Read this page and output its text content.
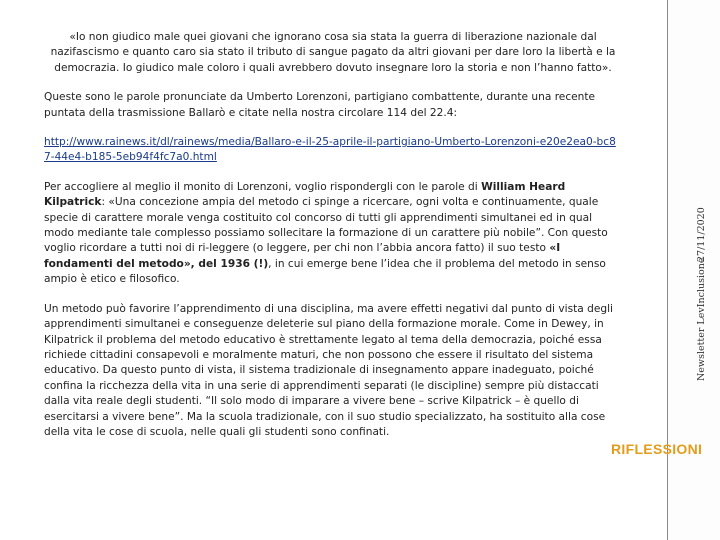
«Io non giudico male quei giovani che ignorano cosa sia stata la guerra di liberazione nazionale dal nazifascismo e quanto caro sia stato il tributo di sangue pagato da altri giovani per dare loro la libertà e la democrazia. Io giudico male coloro i quali avrebbero dovuto insegnare loro la storia e non l’hanno fatto».

Queste sono le parole pronunciate da Umberto Lorenzoni, partigiano combattente, durante una recente puntata della trasmissione Ballarò e citate nella nostra circolare 114 del 22.4:

http://www.rainews.it/dl/rainews/media/Ballaro-e-il-25-aprile-il-partigiano-Umberto-Lorenzoni-e20e2ea0-bc87-44e4-b185-5eb94f4fc7a0.html

Per accogliere al meglio il monito di Lorenzoni, voglio rispondergli con le parole di William Heard Kilpatrick: «Una concezione ampia del metodo ci spinge a ricercare, ogni volta e continuamente, quale specie di carattere morale venga costituito col concorso di tutti gli apprendimenti simultanei ed in qual modo mediante tale complesso possiamo sollecitare la formazione di un carattere più nobile”. Con questo voglio ricordare a tutti noi di ri-leggere (o leggere, per chi non l’abbia ancora fatto) il suo testo «I fondamenti del metodo», del 1936 (!), in cui emerge bene l’idea che il problema del metodo in senso ampio è etico e filosofico.

Un metodo può favorire l’apprendimento di una disciplina, ma avere effetti negativi dal punto di vista degli apprendimenti simultanei e conseguenze deleterie sul piano della formazione morale. Come in Dewey, in Kilpatrick il problema del metodo educativo è strettamente legato al tema della democrazia, poiché essa richiede cittadini consapevoli e moralmente maturi, che non possono che essere il risultato del sistema educativo. Da questo punto di vista, il sistema tradizionale di insegnamento appare inadeguato, poiché confina la ricchezza della vita in una serie di apprendimenti separati (le discipline) sempre più distaccati dalla vita reale degli studenti. “Il solo modo di imparare a vivere bene – scrive Kilpatrick – è quello di esercitarsi a vivere bene”. Ma la scuola tradizionale, con il suo studio specializzato, ha sostituito alla cose della vita le cose di scuola, nelle quali gli studenti sono confinati.

Newsletter LevInclusione
27/11/2020
RIFLESSIONI
